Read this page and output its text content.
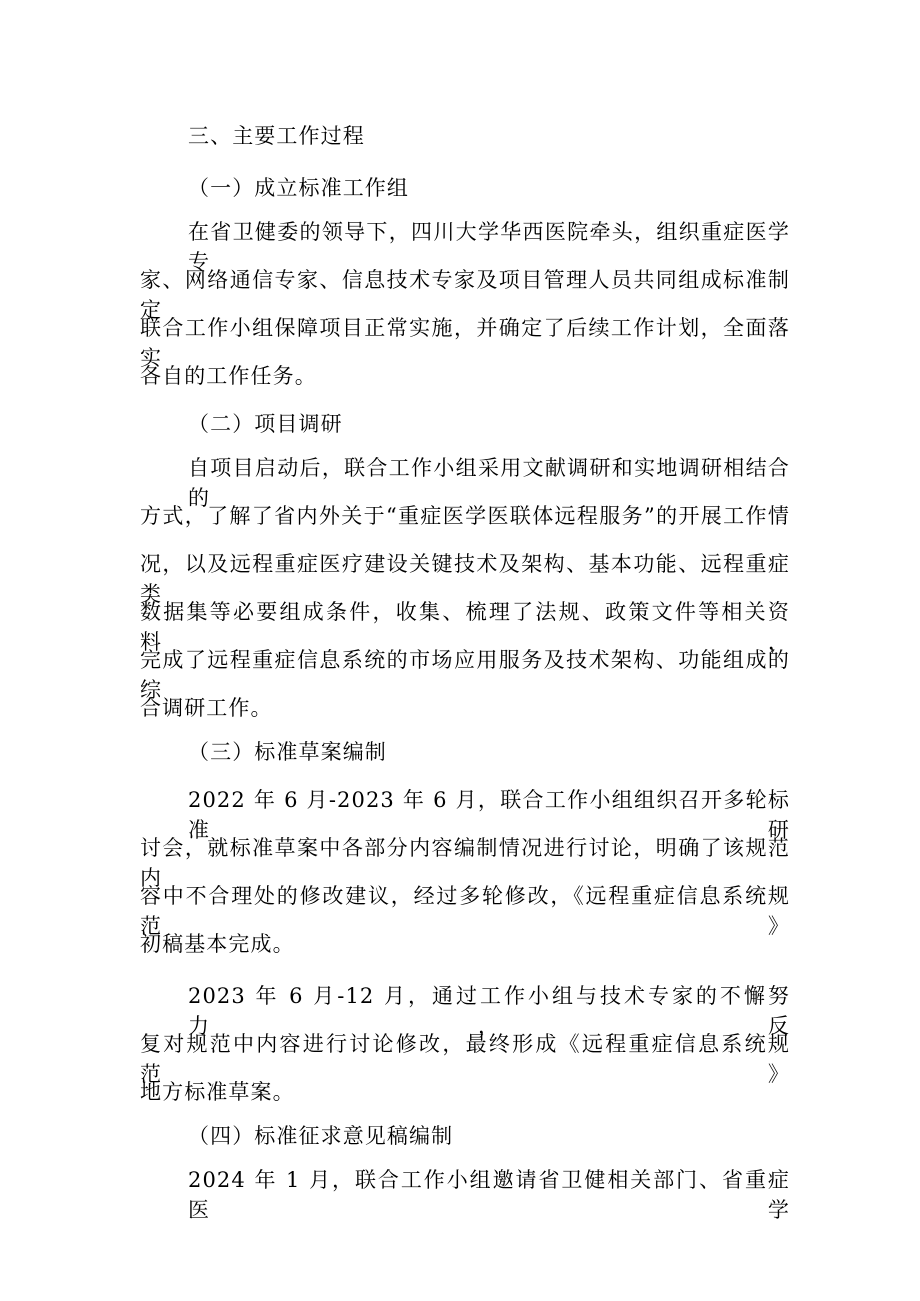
三、主要工作过程
（一）成立标准工作组
在省卫健委的领导下，四川大学华西医院牵头，组织重症医学专
家、网络通信专家、信息技术专家及项目管理人员共同组成标准制定
联合工作小组保障项目正常实施，并确定了后续工作计划，全面落实
各自的工作任务。
（二）项目调研
自项目启动后，联合工作小组采用文献调研和实地调研相结合的
方式，了解了省内外关于“重症医学医联体远程服务”的开展工作情
况，以及远程重症医疗建设关键技术及架构、基本功能、远程重症类
数据集等必要组成条件，收集、梳理了法规、政策文件等相关资料，
完成了远程重症信息系统的市场应用服务及技术架构、功能组成的综
合调研工作。
（三）标准草案编制
2022 年 6 月-2023 年 6 月，联合工作小组组织召开多轮标准研
讨会，就标准草案中各部分内容编制情况进行讨论，明确了该规范内
容中不合理处的修改建议，经过多轮修改，《远程重症信息系统规范》
初稿基本完成。
2023 年 6 月-12 月，通过工作小组与技术专家的不懈努力，反
复对规范中内容进行讨论修改，最终形成《远程重症信息系统规范》
地方标准草案。
（四）标准征求意见稿编制
2024 年 1 月，联合工作小组邀请省卫健相关部门、省重症医学
